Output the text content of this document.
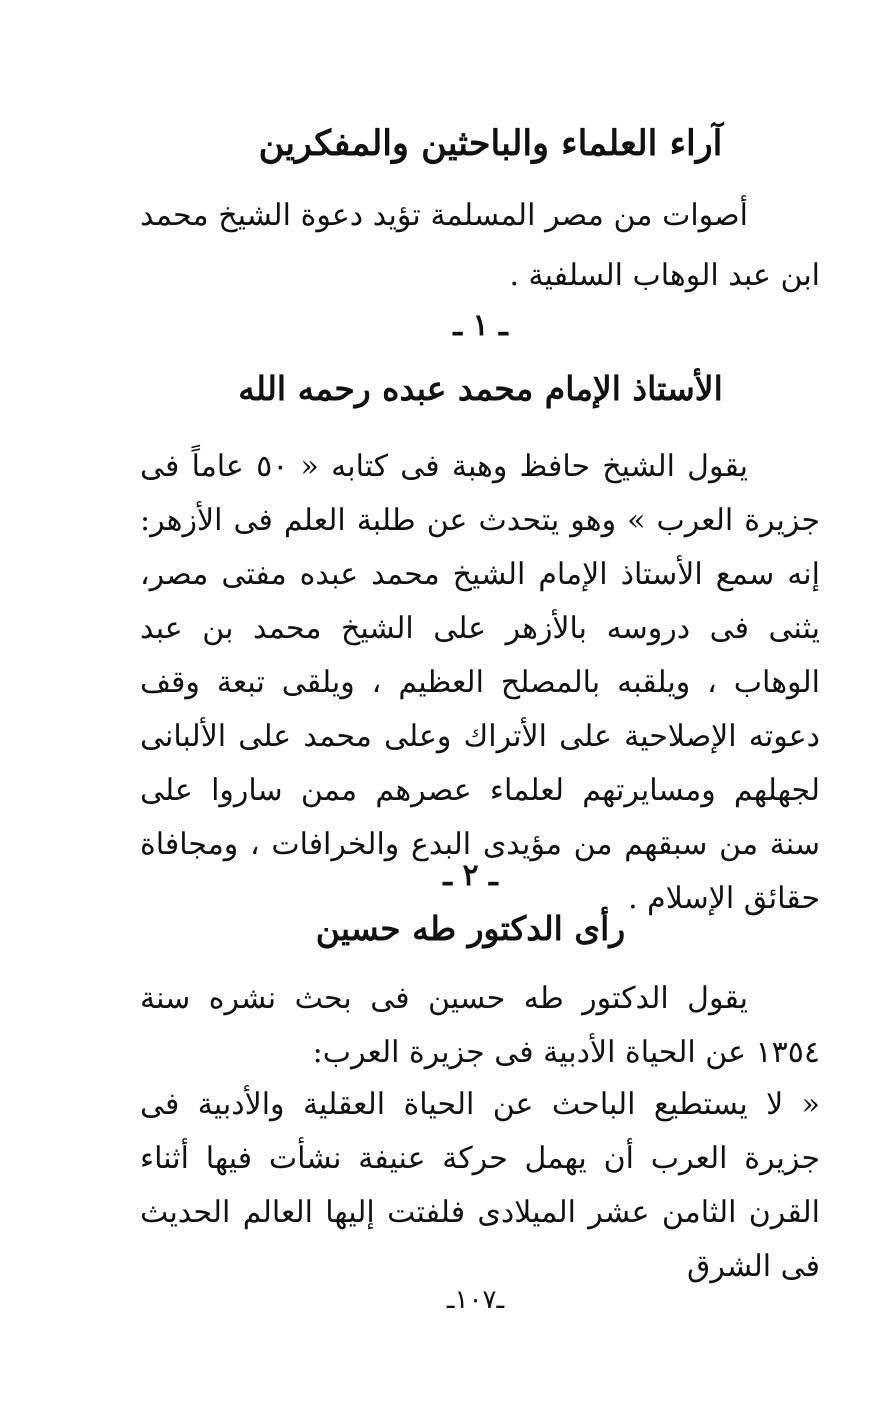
آراء العلماء والباحثين والمفكرين
أصوات من مصر المسلمة تؤيد دعوة الشيخ محمد ابن عبد الوهاب السلفية .
ـ ١ ـ
الأستاذ الإمام محمد عبده رحمه الله
يقول الشيخ حافظ وهبة فى كتابه « ٥٠ عاماً فى جزيرة العرب » وهو يتحدث عن طلبة العلم فى الأزهر: إنه سمع الأستاذ الإمام الشيخ محمد عبده مفتى مصر، يثنى فى دروسه بالأزهر على الشيخ محمد بن عبد الوهاب ، ويلقبه بالمصلح العظيم ، ويلقى تبعة وقف دعوته الإصلاحية على الأتراك وعلى محمد على الألبانى لجهلهم ومسايرتهم لعلماء عصرهم ممن ساروا على سنة من سبقهم من مؤيدى البدع والخرافات ، ومجافاة حقائق الإسلام .
ـ ٢ ـ
رأى الدكتور طه حسين
يقول الدكتور طه حسين فى بحث نشره سنة ١٣٥٤ عن الحياة الأدبية فى جزيرة العرب:
« لا يستطيع الباحث عن الحياة العقلية والأدبية فى جزيرة العرب أن يهمل حركة عنيفة نشأت فيها أثناء القرن الثامن عشر الميلادى فلفتت إليها العالم الحديث فى الشرق
ـ١٠٧ـ
